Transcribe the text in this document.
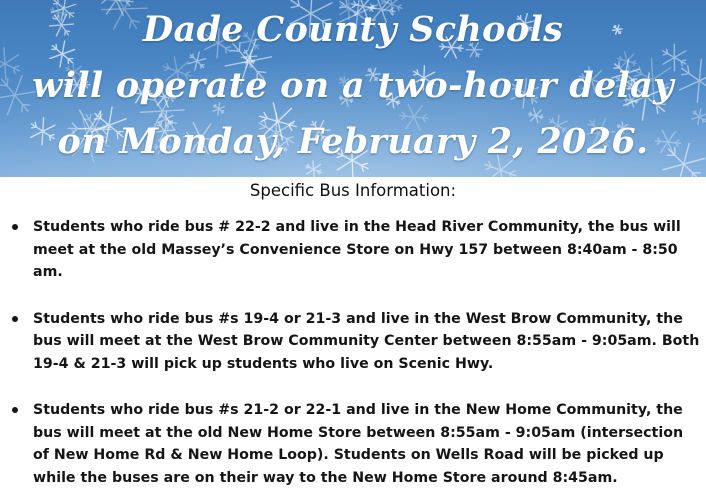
Dade County Schools
will operate on a two-hour delay
on Monday, February 2, 2026.
Specific Bus Information:
Students who ride bus # 22-2 and live in the Head River Community, the bus will meet at the old Massey’s Convenience Store on Hwy 157 between 8:40am - 8:50 am.
Students who ride bus #s 19-4 or 21-3 and live in the West Brow Community, the bus will meet at the West Brow Community Center between 8:55am - 9:05am. Both 19-4 & 21-3 will pick up students who live on Scenic Hwy.
Students who ride bus #s 21-2 or 22-1 and live in the New Home Community, the bus will meet at the old New Home Store between 8:55am - 9:05am (intersection of New Home Rd & New Home Loop). Students on Wells Road will be picked up while the buses are on their way to the New Home Store around 8:45am.
